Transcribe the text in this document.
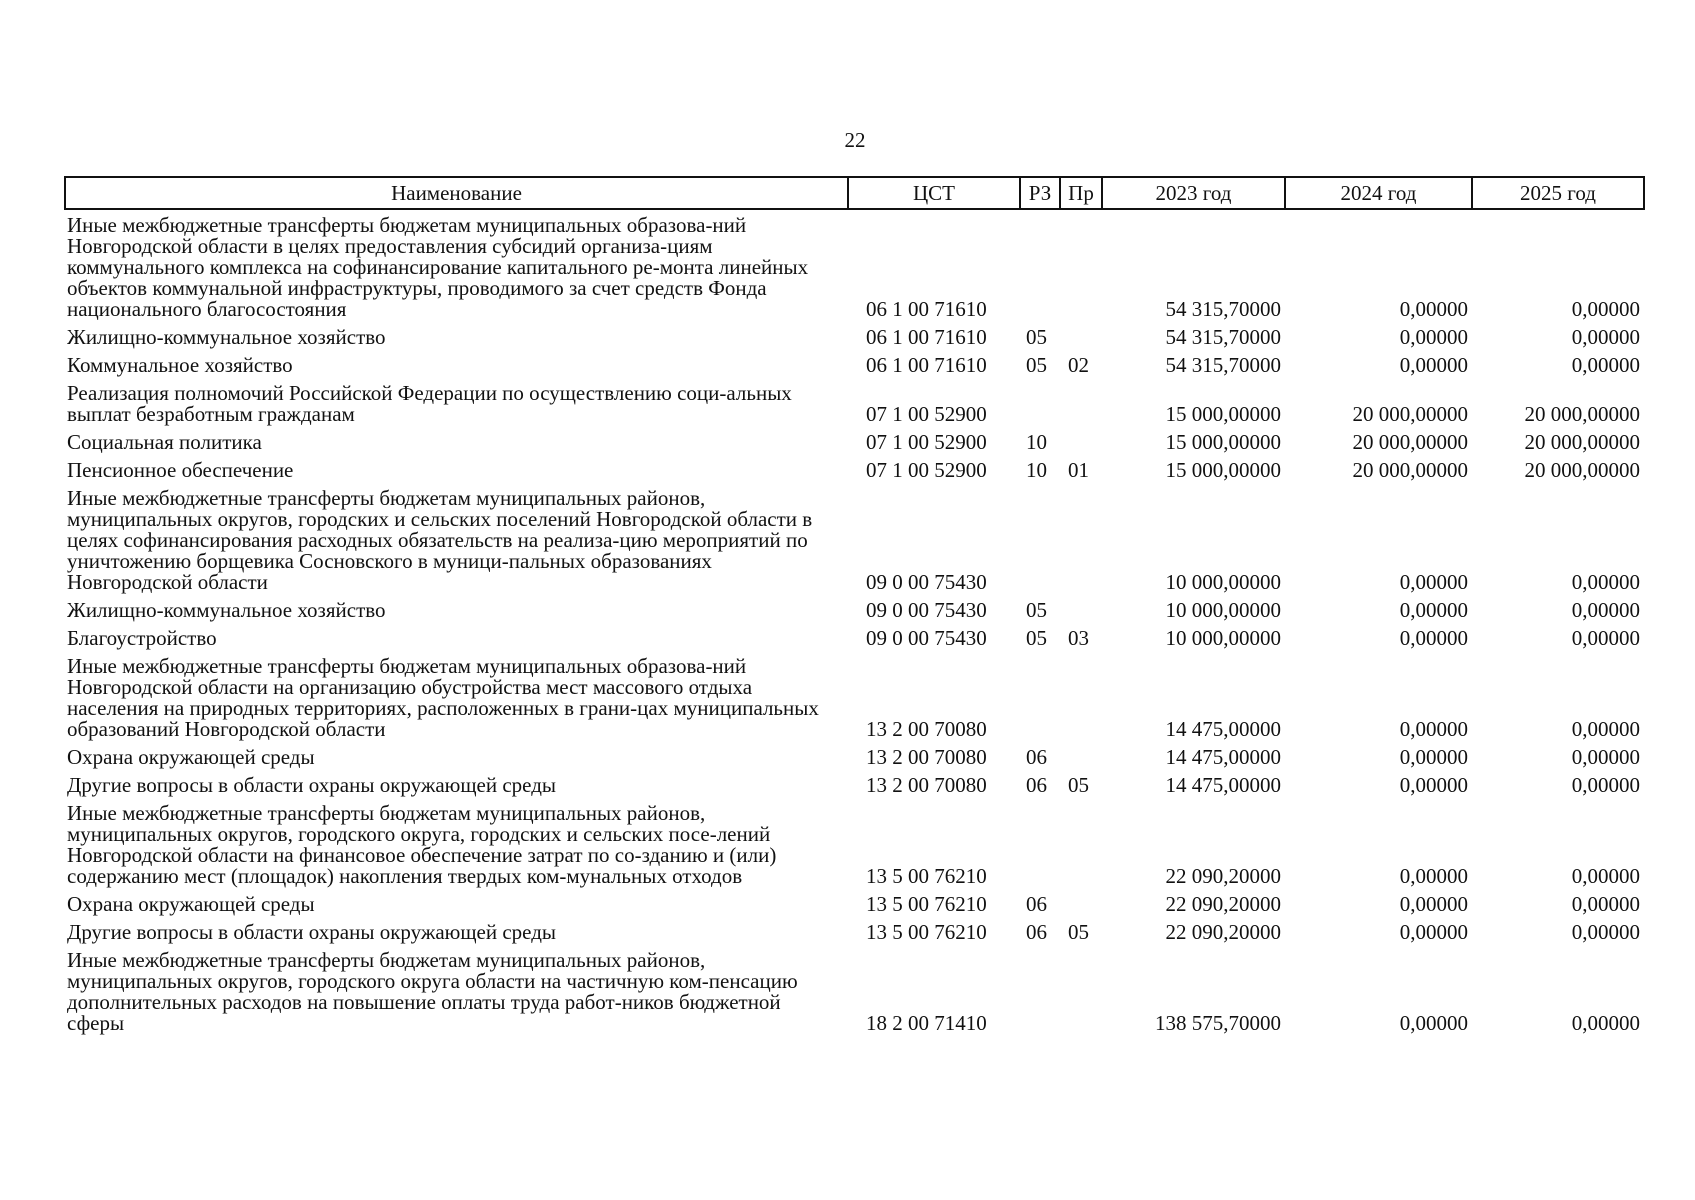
22
Наименование	ЦСТ	РЗ	Пр	2023 год	2024 год	2025 год
Иные межбюджетные трансферты бюджетам муниципальных образова-ний Новгородской области в целях предоставления субсидий организа-циям коммунального комплекса на софинансирование капитального ре-монта линейных объектов коммунальной инфраструктуры, проводимого за счет средств Фонда национального благосостояния	06 1 00 71610			54 315,70000	0,00000	0,00000
Жилищно-коммунальное хозяйство	06 1 00 71610	05		54 315,70000	0,00000	0,00000
Коммунальное хозяйство	06 1 00 71610	05	02	54 315,70000	0,00000	0,00000
Реализация полномочий Российской Федерации по осуществлению соци-альных выплат безработным гражданам	07 1 00 52900			15 000,00000	20 000,00000	20 000,00000
Социальная политика	07 1 00 52900	10		15 000,00000	20 000,00000	20 000,00000
Пенсионное обеспечение	07 1 00 52900	10	01	15 000,00000	20 000,00000	20 000,00000
Иные межбюджетные трансферты бюджетам муниципальных районов, муниципальных округов, городских и сельских поселений Новгородской области в целях софинансирования расходных обязательств на реализа-цию мероприятий по уничтожению борщевика Сосновского в муници-пальных образованиях Новгородской области	09 0 00 75430			10 000,00000	0,00000	0,00000
Жилищно-коммунальное хозяйство	09 0 00 75430	05		10 000,00000	0,00000	0,00000
Благоустройство	09 0 00 75430	05	03	10 000,00000	0,00000	0,00000
Иные межбюджетные трансферты бюджетам муниципальных образова-ний Новгородской области на организацию обустройства мест массового отдыха населения на природных территориях, расположенных в грани-цах муниципальных образований Новгородской области	13 2 00 70080			14 475,00000	0,00000	0,00000
Охрана окружающей среды	13 2 00 70080	06		14 475,00000	0,00000	0,00000
Другие вопросы в области охраны окружающей среды	13 2 00 70080	06	05	14 475,00000	0,00000	0,00000
Иные межбюджетные трансферты бюджетам муниципальных районов, муниципальных округов, городского округа, городских и сельских посе-лений Новгородской области на финансовое обеспечение затрат по со-зданию и (или) содержанию мест (площадок) накопления твердых ком-мунальных отходов	13 5 00 76210			22 090,20000	0,00000	0,00000
Охрана окружающей среды	13 5 00 76210	06		22 090,20000	0,00000	0,00000
Другие вопросы в области охраны окружающей среды	13 5 00 76210	06	05	22 090,20000	0,00000	0,00000
Иные межбюджетные трансферты бюджетам муниципальных районов, муниципальных округов, городского округа области на частичную ком-пенсацию дополнительных расходов на повышение оплаты труда работ-ников бюджетной сферы	18 2 00 71410			138 575,70000	0,00000	0,00000
